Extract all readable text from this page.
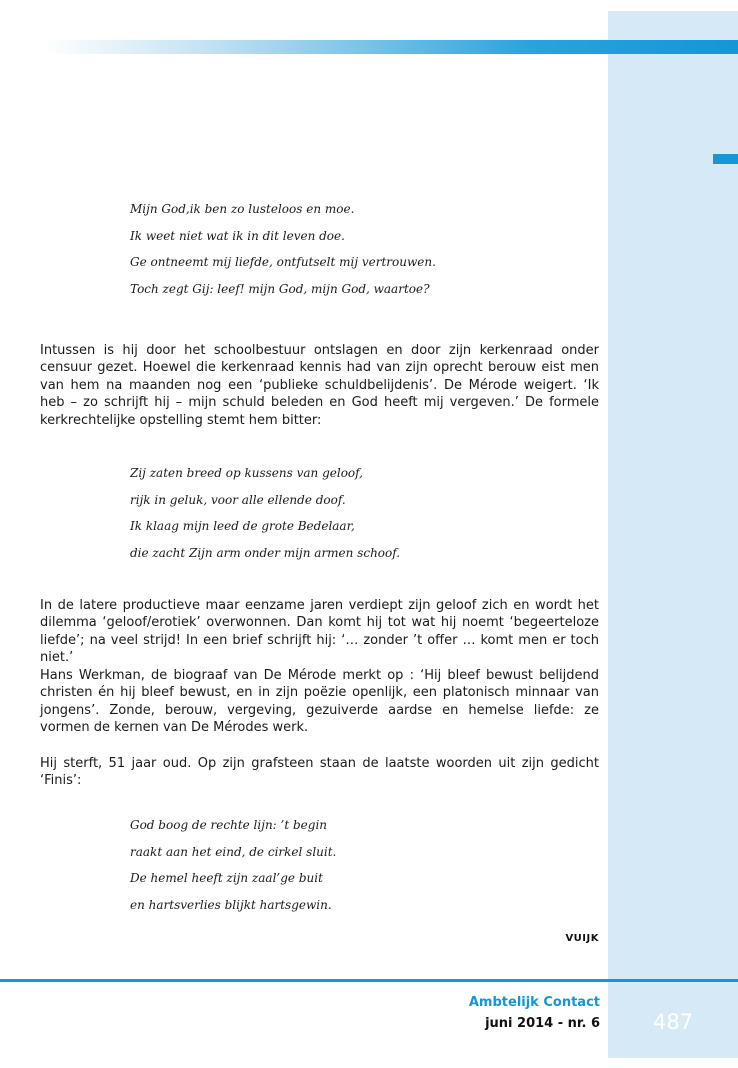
Mijn God,ik ben zo lusteloos en moe.
Ik weet niet wat ik in dit leven doe.
Ge ontneemt mij liefde, ontfutselt mij vertrouwen.
Toch zegt Gij: leef! mijn God, mijn God, waartoe?

Intussen is hij door het schoolbestuur ontslagen en door zijn kerkenraad onder censuur gezet. Hoewel die kerkenraad kennis had van zijn oprecht berouw eist men van hem na maanden nog een ‘publieke schuldbelijdenis’. De Mérode weigert. ‘Ik heb – zo schrijft hij – mijn schuld beleden en God heeft mij vergeven.’ De formele kerkrechtelijke opstelling stemt hem bitter:

Zij zaten breed op kussens van geloof,
rijk in geluk, voor alle ellende doof.
Ik klaag mijn leed de grote Bedelaar,
die zacht Zijn arm onder mijn armen schoof.

In de latere productieve maar eenzame jaren verdiept zijn geloof zich en wordt het dilemma ‘geloof/erotiek’ overwonnen. Dan komt hij tot wat hij noemt ‘begeerteloze liefde’; na veel strijd! In een brief schrijft hij: ‘… zonder ’t offer … komt men er toch niet.’

Hans Werkman, de biograaf van De Mérode merkt op : ‘Hij bleef bewust belijdend christen én hij bleef bewust, en in zijn poëzie openlijk, een platonisch minnaar van jongens’. Zonde, berouw, vergeving, gezuiverde aardse en hemelse liefde: ze vormen de kernen van De Mérodes werk.

Hij sterft, 51 jaar oud. Op zijn grafsteen staan de laatste woorden uit zijn gedicht ‘Finis’:

God boog de rechte lijn: ’t begin
raakt aan het eind, de cirkel sluit.
De hemel heeft zijn zaal’ge buit
en hartsverlies blijkt hartsgewin.
VUIJK
Ambtelijk Contact
juni 2014 - nr. 6	487
